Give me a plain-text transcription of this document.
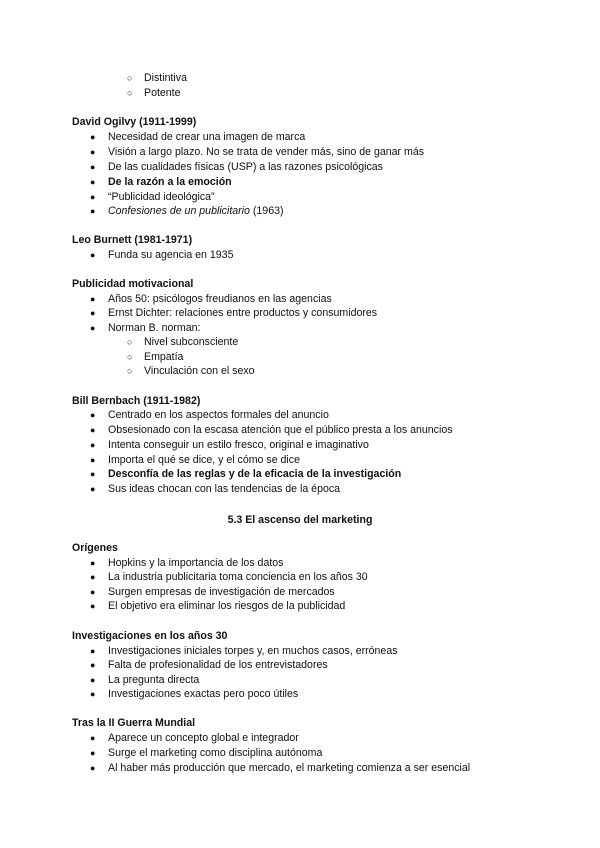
○ Distintiva
○ Potente
David Ogilvy (1911-1999)
● Necesidad de crear una imagen de marca
● Visión a largo plazo. No se trata de vender más, sino de ganar más
● De las cualidades físicas (USP) a las razones psicológicas
● De la razón a la emoción
● “Publicidad ideológica”
● Confesiones de un publicitario (1963)
Leo Burnett (1981-1971)
● Funda su agencia en 1935
Publicidad motivacional
● Años 50: psicólogos freudianos en las agencias
● Ernst Dichter: relaciones entre productos y consumidores
● Norman B. norman:
○ Nivel subconsciente
○ Empatía
○ Vinculación con el sexo
Bill Bernbach (1911-1982)
● Centrado en los aspectos formales del anuncio
● Obsesionado con la escasa atención que el público presta a los anuncios
● Intenta conseguir un estilo fresco, original e imaginativo
● Importa el qué se dice, y el cómo se dice
● Desconfía de las reglas y de la eficacia de la investigación
● Sus ideas chocan con las tendencias de la época
5.3 El ascenso del marketing
Orígenes
● Hopkins y la importancia de los datos
● La industria publicitaria toma conciencia en los años 30
● Surgen empresas de investigación de mercados
● El objetivo era eliminar los riesgos de la publicidad
Investigaciones en los años 30
● Investigaciones iniciales torpes y, en muchos casos, erróneas
● Falta de profesionalidad de los entrevistadores
● La pregunta directa
● Investigaciones exactas pero poco útiles
Tras la II Guerra Mundial
● Aparece un concepto global e integrador
● Surge el marketing como disciplina autónoma
● Al haber más producción que mercado, el marketing comienza a ser esencial
